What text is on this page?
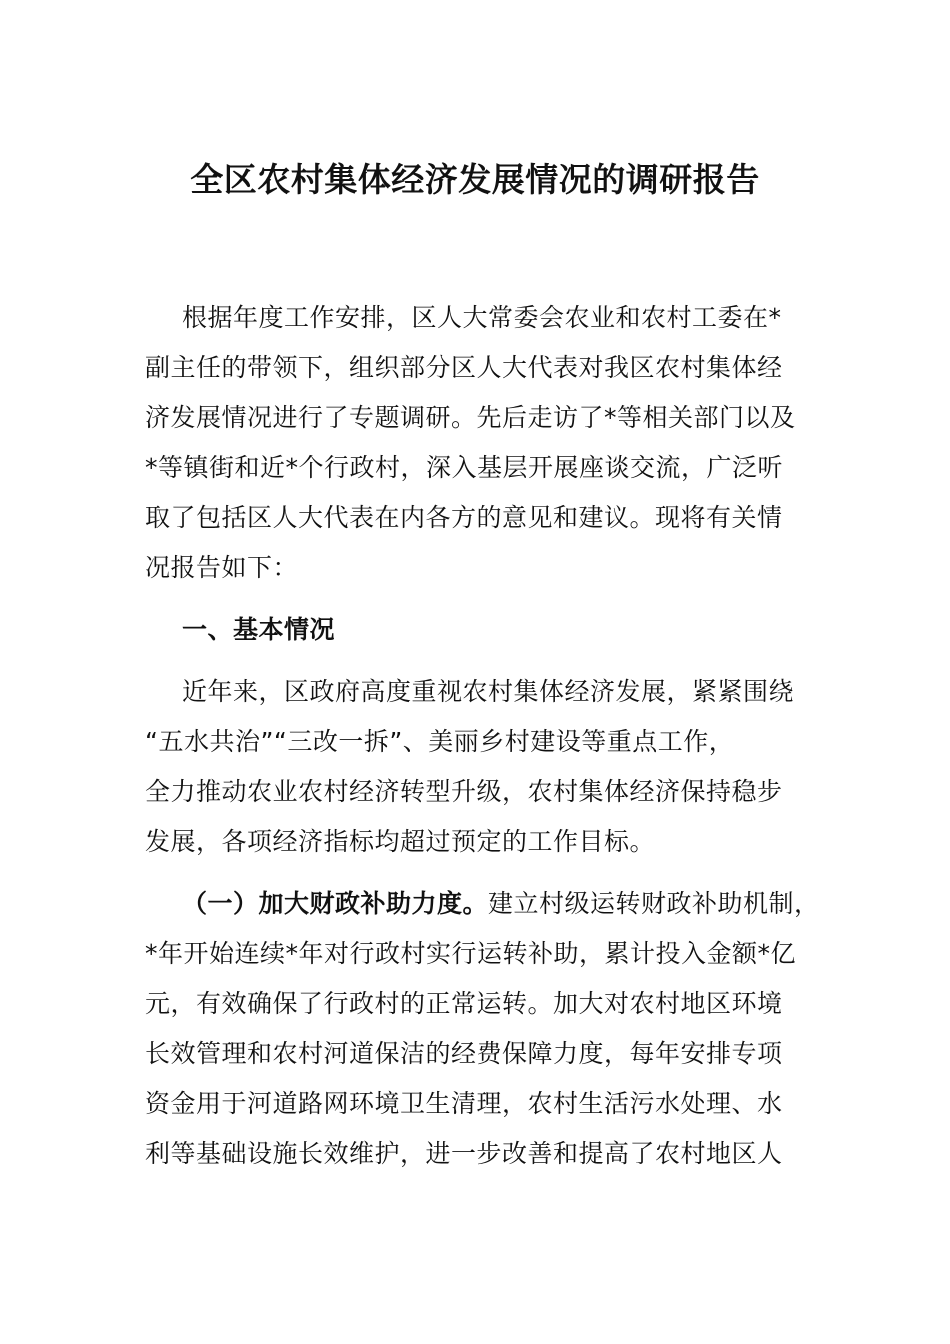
全区农村集体经济发展情况的调研报告
根据年度工作安排，区人大常委会农业和农村工委在*
副主任的带领下，组织部分区人大代表对我区农村集体经
济发展情况进行了专题调研。先后走访了*等相关部门以及
*等镇街和近*个行政村，深入基层开展座谈交流，广泛听
取了包括区人大代表在内各方的意见和建议。现将有关情
况报告如下：
一、基本情况
近年来，区政府高度重视农村集体经济发展，紧紧围绕
“五水共治”“三改一拆”、美丽乡村建设等重点工作，
全力推动农业农村经济转型升级，农村集体经济保持稳步
发展，各项经济指标均超过预定的工作目标。
（一）加大财政补助力度。建立村级运转财政补助机制，
*年开始连续*年对行政村实行运转补助，累计投入金额*亿
元，有效确保了行政村的正常运转。加大对农村地区环境
长效管理和农村河道保洁的经费保障力度，每年安排专项
资金用于河道路网环境卫生清理，农村生活污水处理、水
利等基础设施长效维护，进一步改善和提高了农村地区人
